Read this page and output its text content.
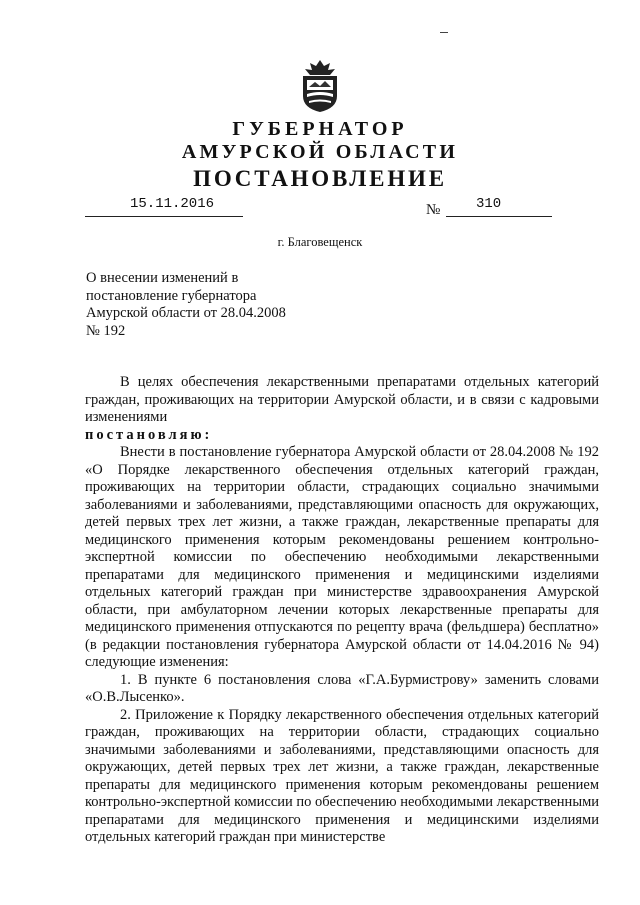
ГУБЕРНАТОР
АМУРСКОЙ ОБЛАСТИ
ПОСТАНОВЛЕНИЕ
15.11.2016	№	310
г. Благовещенск
О внесении изменений в
постановление губернатора
Амурской области от 28.04.2008
№ 192

В целях обеспечения лекарственными препаратами отдельных категорий граждан, проживающих на территории Амурской области, и в связи с кадровыми изменениями

постановляю:

Внести в постановление губернатора Амурской области от 28.04.2008 № 192 «О Порядке лекарственного обеспечения отдельных категорий граждан, проживающих на территории области, страдающих социально значимыми заболеваниями и заболеваниями, представляющими опасность для окружающих, детей первых трех лет жизни, а также граждан, лекарственные препараты для медицинского применения которым рекомендованы решением контрольно-экспертной комиссии по обеспечению необходимыми лекарственными препаратами для медицинского применения и медицинскими изделиями отдельных категорий граждан при министерстве здравоохранения Амурской области, при амбулаторном лечении которых лекарственные препараты для медицинского применения отпускаются по рецепту врача (фельдшера) бесплатно» (в редакции постановления губернатора Амурской области от 14.04.2016 № 94) следующие изменения:

1. В пункте 6 постановления слова «Г.А.Бурмистрову» заменить словами «О.В.Лысенко».

2. Приложение к Порядку лекарственного обеспечения отдельных категорий граждан, проживающих на территории области, страдающих социально значимыми заболеваниями и заболеваниями, представляющими опасность для окружающих, детей первых трех лет жизни, а также граждан, лекарственные препараты для медицинского применения которым рекомендованы решением контрольно-экспертной комиссии по обеспечению необходимыми лекарственными препаратами для медицинского применения и медицинскими изделиями отдельных категорий граждан при министерстве
